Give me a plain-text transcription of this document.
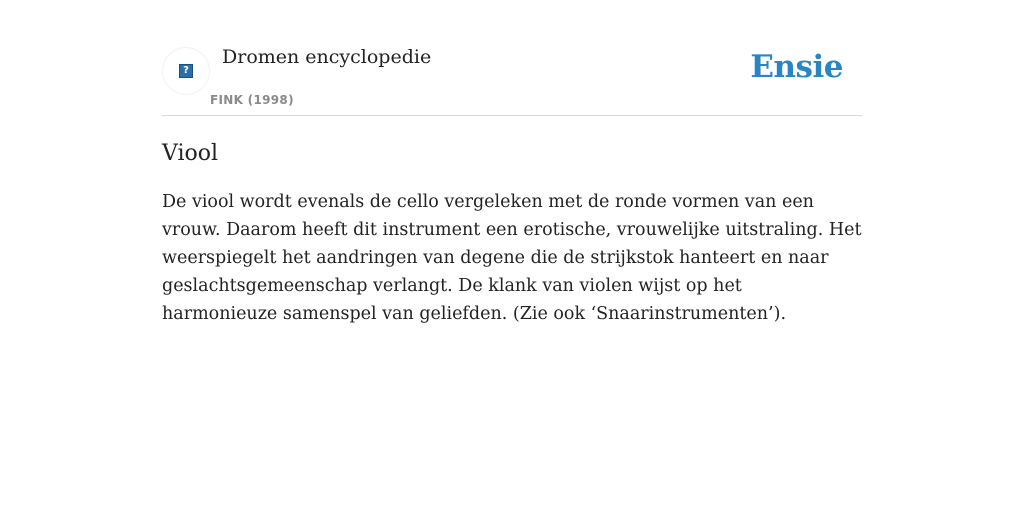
?
Dromen encyclopedie
FINK (1998)
Ensie
Viool

De viool wordt evenals de cello vergeleken met de ronde vormen van een vrouw. Daarom heeft dit instrument een erotische, vrouwelijke uitstraling. Het weerspiegelt het aandringen van degene die de strijkstok hanteert en naar geslachtsgemeenschap verlangt. De klank van violen wijst op het harmonieuze samenspel van geliefden. (Zie ook ‘Snaarinstrumenten’).
